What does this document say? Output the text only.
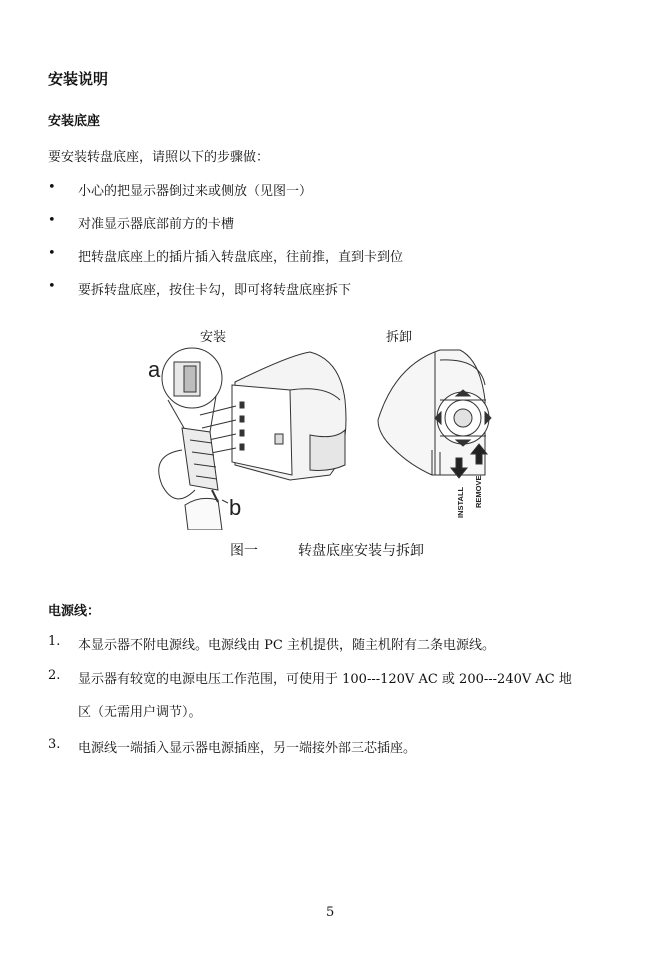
安装说明
安装底座
要安装转盘底座，请照以下的步骤做：
• 小心的把显示器倒过来或侧放（见图一）
• 对准显示器底部前方的卡槽
• 把转盘底座上的插片插入转盘底座，往前推，直到卡到位
• 要拆转盘底座，按住卡勾，即可将转盘底座拆下
安装	拆卸
a
b	INSTALL REMOVE
图一	转盘底座安装与拆卸
电源线：
1. 本显示器不附电源线。电源线由 PC 主机提供，随主机附有二条电源线。
2. 显示器有较宽的电源电压工作范围，可使用于 100---120V AC 或 200---240V AC 地
区（无需用户调节）。
3. 电源线一端插入显示器电源插座，另一端接外部三芯插座。
5
